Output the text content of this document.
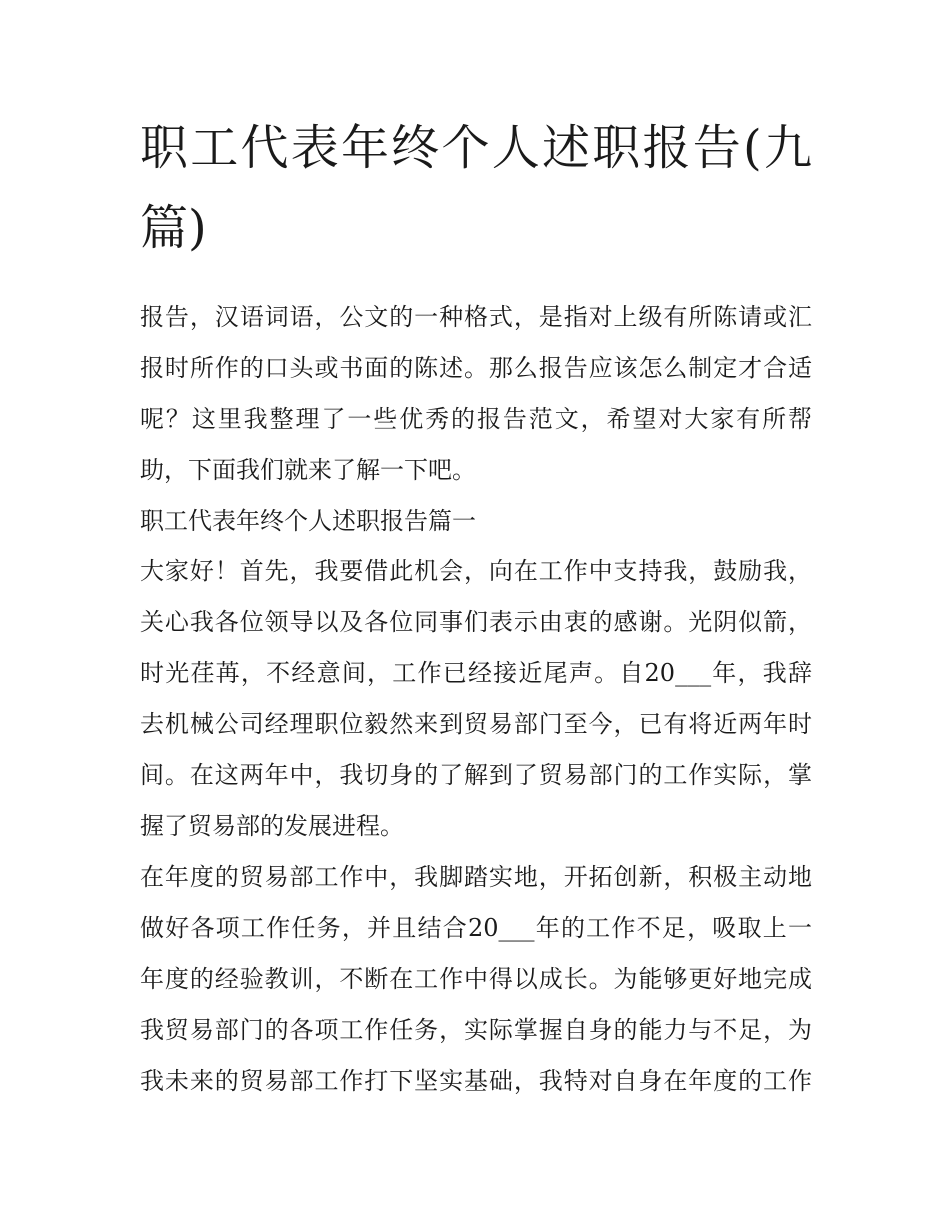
职工代表年终个人述职报告(九
篇)

报告，汉语词语，公文的一种格式，是指对上级有所陈请或汇
报时所作的口头或书面的陈述。那么报告应该怎么制定才合适
呢？这里我整理了一些优秀的报告范文，希望对大家有所帮
助，下面我们就来了解一下吧。

职工代表年终个人述职报告篇一

大家好！首先，我要借此机会，向在工作中支持我，鼓励我，
关心我各位领导以及各位同事们表示由衷的感谢。光阴似箭，
时光荏苒，不经意间，工作已经接近尾声。自20___年，我辞
去机械公司经理职位毅然来到贸易部门至今，已有将近两年时
间。在这两年中，我切身的了解到了贸易部门的工作实际，掌
握了贸易部的发展进程。

在年度的贸易部工作中，我脚踏实地，开拓创新，积极主动地
做好各项工作任务，并且结合20___年的工作不足，吸取上一
年度的经验教训，不断在工作中得以成长。为能够更好地完成
我贸易部门的各项工作任务，实际掌握自身的能力与不足，为
我未来的贸易部工作打下坚实基础，我特对自身在年度的工作
